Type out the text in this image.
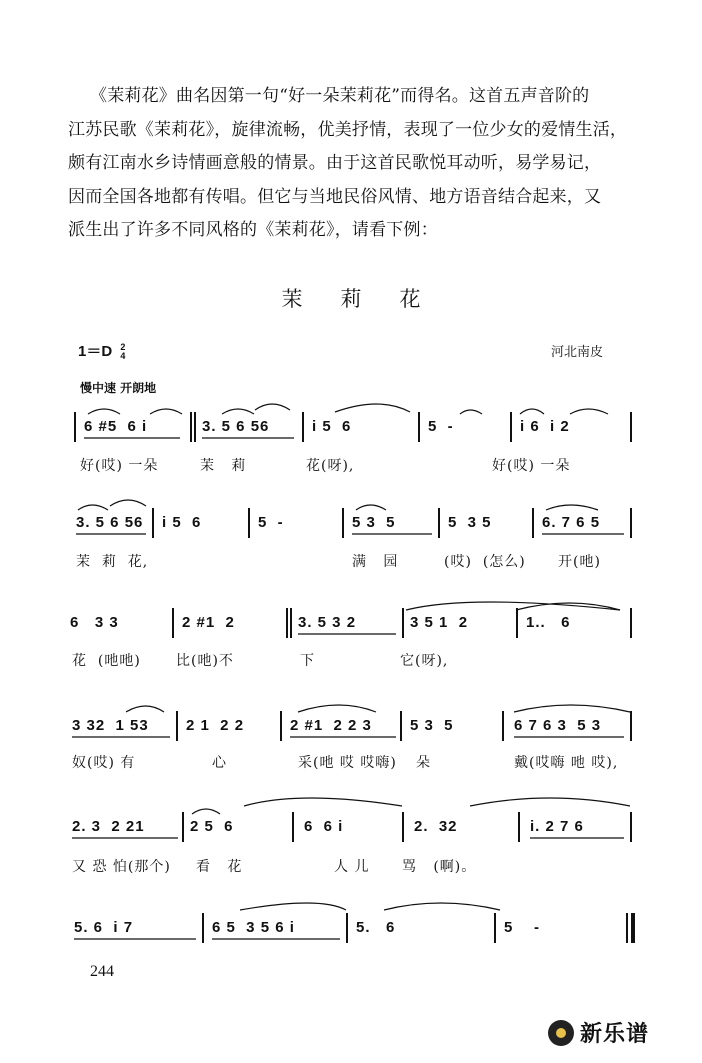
《茉莉花》曲名因第一句“好一朵茉莉花”而得名。这首五声音阶的
江苏民歌《茉莉花》，旋律流畅，优美抒情，表现了一位少女的爱情生活，
颇有江南水乡诗情画意般的情景。由于这首民歌悦耳动听，易学易记，
因而全国各地都有传唱。但它与当地民俗风情、地方语音结合起来，又
派生出了许多不同风格的《茉莉花》，请看下例：
茉莉花
1＝D 2
4	河北南皮
慢中速 开朗地
6 #5  6 i	3. 5 6 56	i 5  6	5  -	i 6  i 2
好(哎) 一朵	茉   莉	花(呀),	好(哎) 一朵
3. 5 6 56 i 5  6	5  -	5 3  5	5  3 5	6. 7 6 5
茉  莉  花,	满   园	(哎)  (怎么) 开(吔)
6   3 3	2 #1  2	3. 5 3 2	3 5 1  2	1..   6
花  (吔吔)	比(吔)不	下	它(呀),
3 32  1 53 2 1  2 2	2 #1  2 2 3	5 3  5	6 7 6 3  5 3
奴(哎) 有	心	采(吔 哎 哎嗨) 朵	戴(哎嗨 吔 哎),
2. 3  2 21	2 5  6	6  6 i	2.  32	i. 2 7 6
又 恐 怕(那个) 看   花	人 儿 骂   (啊)。
5. 6  i 7	6 5  3 5 6 i	5.   6	5    -
244
新乐谱
